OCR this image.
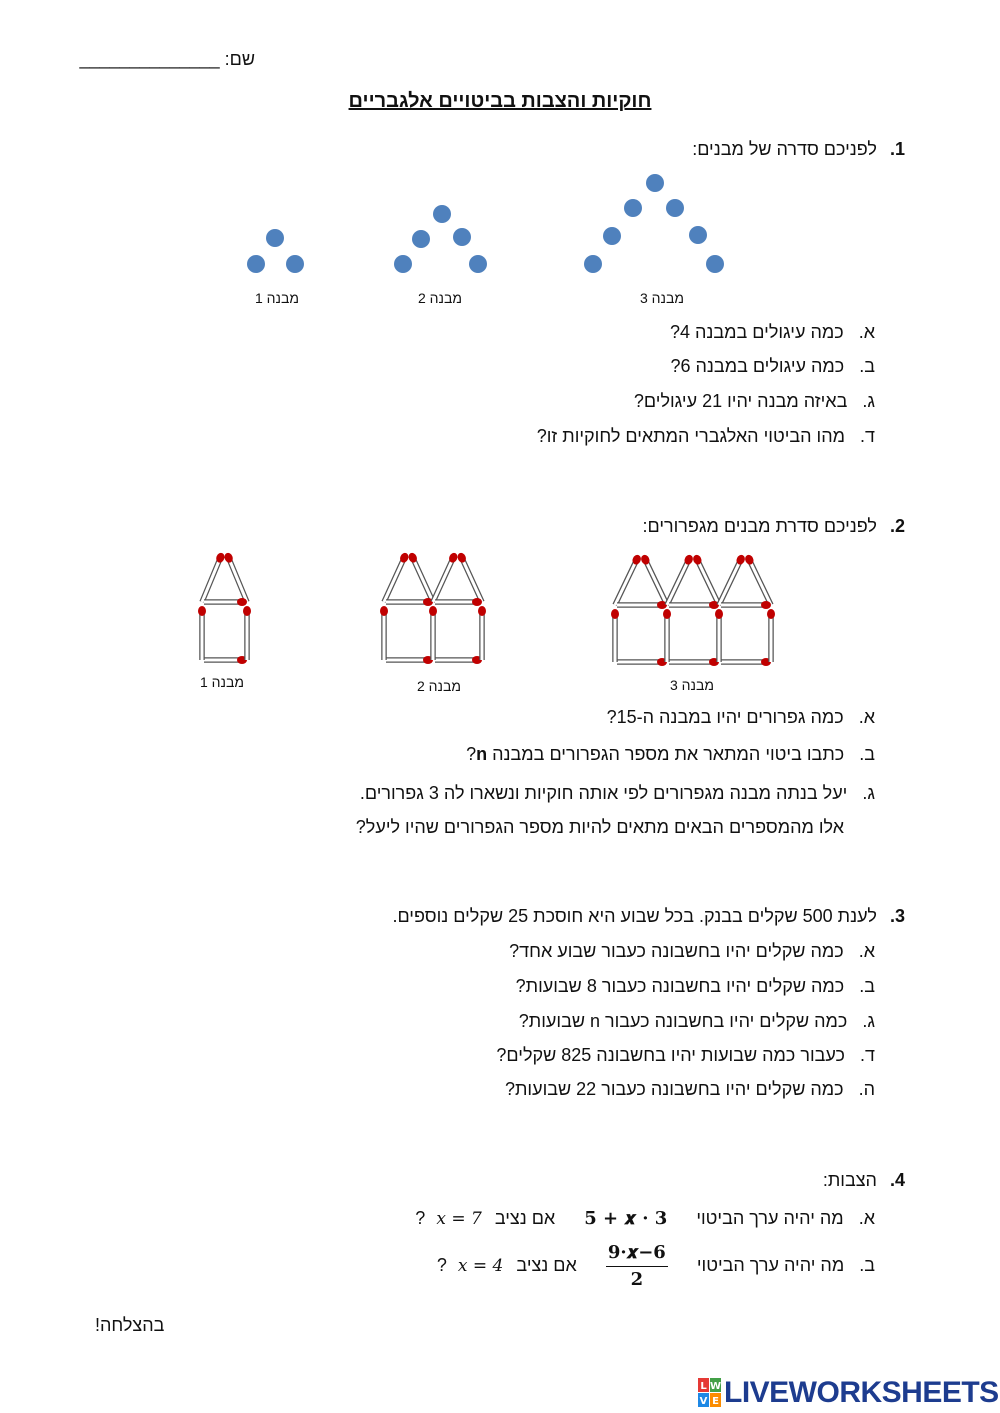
שם: ______________
חוקיות והצבות בביטויים אלגבריים
1. לפניכם סדרה של מבנים:
מבנה 1	מבנה 2	מבנה 3
א. כמה עיגולים במבנה 4?
ב. כמה עיגולים במבנה 6?
ג. באיזה מבנה יהיו 21 עיגולים?
ד. מהו הביטוי האלגברי המתאים לחוקיות זו?
2. לפניכם סדרת מבנים מגפרורים:
מבנה 1	מבנה 2	מבנה 3
א. כמה גפרורים יהיו במבנה ה-15?
ב. כתבו ביטוי המתאר את מספר הגפרורים במבנה n?
ג. יעל בנתה מבנה מגפרורים לפי אותה חוקיות ונשארו לה 3 גפרורים.
אלו מהמספרים הבאים מתאים להיות מספר הגפרורים שהיו ליעל?
3. לענת 500 שקלים בבנק. בכל שבוע היא חוסכת 25 שקלים נוספים.
א. כמה שקלים יהיו בחשבונה כעבור שבוע אחד?
ב. כמה שקלים יהיו בחשבונה כעבור 8 שבועות?
ג. כמה שקלים יהיו בחשבונה כעבור n שבועות?
ד. כעבור כמה שבועות יהיו בחשבונה 825 שקלים?
ה. כמה שקלים יהיו בחשבונה כעבור 22 שבועות?
4. הצבות:
א. מה יהיה ערך הביטוי 5 + 𝒙 · 3 אם נציב 𝑥 = 7 ?
ב. מה יהיה ערך הביטוי
$\frac{\text{9·𝒙−6}}{2}$
אם נציב 𝑥 = 4 ?
בהצלחה!
L W
V E LIVEWORKSHEETS
